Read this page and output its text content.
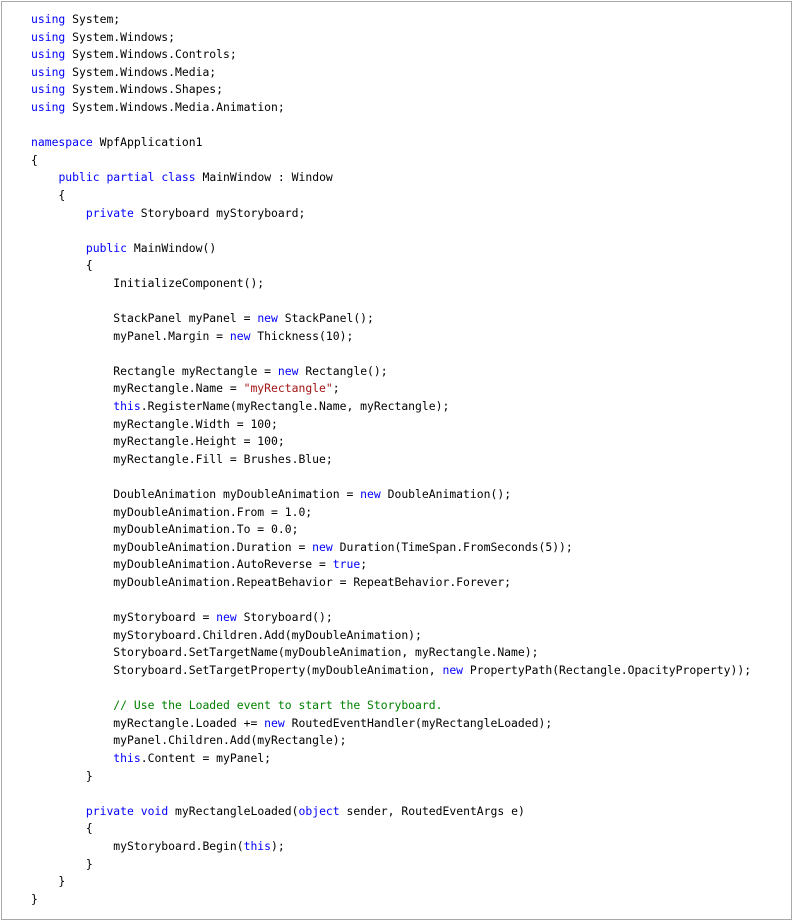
using System;
using System.Windows;
using System.Windows.Controls;
using System.Windows.Media;
using System.Windows.Shapes;
using System.Windows.Media.Animation;
namespace WpfApplication1
{
public partial class MainWindow : Window
{
private Storyboard myStoryboard;
public MainWindow()
{
InitializeComponent();
StackPanel myPanel = new StackPanel();
myPanel.Margin = new Thickness(10);
Rectangle myRectangle = new Rectangle();
myRectangle.Name = "myRectangle";
this.RegisterName(myRectangle.Name, myRectangle);
myRectangle.Width = 100;
myRectangle.Height = 100;
myRectangle.Fill = Brushes.Blue;
DoubleAnimation myDoubleAnimation = new DoubleAnimation();
myDoubleAnimation.From = 1.0;
myDoubleAnimation.To = 0.0;
myDoubleAnimation.Duration = new Duration(TimeSpan.FromSeconds(5));
myDoubleAnimation.AutoReverse = true;
myDoubleAnimation.RepeatBehavior = RepeatBehavior.Forever;
myStoryboard = new Storyboard();
myStoryboard.Children.Add(myDoubleAnimation);
Storyboard.SetTargetName(myDoubleAnimation, myRectangle.Name);
Storyboard.SetTargetProperty(myDoubleAnimation, new PropertyPath(Rectangle.OpacityProperty));
// Use the Loaded event to start the Storyboard.
myRectangle.Loaded += new RoutedEventHandler(myRectangleLoaded);
myPanel.Children.Add(myRectangle);
this.Content = myPanel;
}
private void myRectangleLoaded(object sender, RoutedEventArgs e)
{
myStoryboard.Begin(this);
}
}
}
